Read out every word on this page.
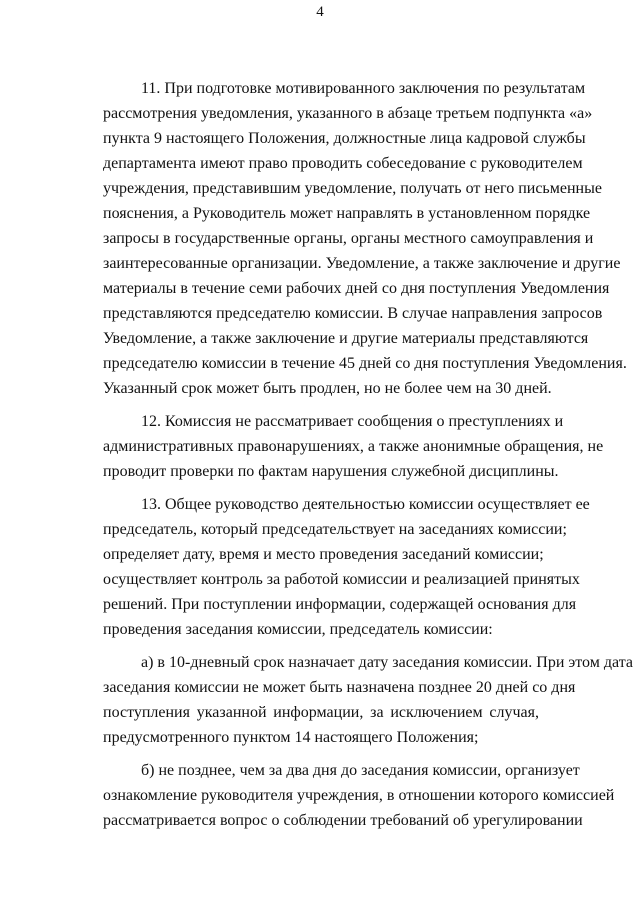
4
11. При подготовке мотивированного заключения по результатам
рассмотрения уведомления, указанного в абзаце третьем подпункта «а»
пункта 9 настоящего Положения, должностные лица кадровой службы
департамента имеют право проводить собеседование с руководителем
учреждения, представившим уведомление, получать от него письменные
пояснения, а Руководитель может направлять в установленном порядке
запросы в государственные органы, органы местного самоуправления и
заинтересованные организации. Уведомление, а также заключение и другие
материалы в течение семи рабочих дней со дня поступления Уведомления
представляются председателю комиссии. В случае направления запросов
Уведомление, а также заключение и другие материалы представляются
председателю комиссии в течение 45 дней со дня поступления Уведомления.
Указанный срок может быть продлен, но не более чем на 30 дней.
12. Комиссия не рассматривает сообщения о преступлениях и
административных правонарушениях, а также анонимные обращения, не
проводит проверки по фактам нарушения служебной дисциплины.
13. Общее руководство деятельностью комиссии осуществляет ее
председатель, который председательствует на заседаниях комиссии;
определяет дату, время и место проведения заседаний комиссии;
осуществляет контроль за работой комиссии и реализацией принятых
решений. При поступлении информации, содержащей основания для
проведения заседания комиссии, председатель комиссии:
а) в 10-дневный срок назначает дату заседания комиссии. При этом дата
заседания комиссии не может быть назначена позднее 20 дней со дня
поступления указанной информации, за исключением случая,
предусмотренного пунктом 14 настоящего Положения;
б) не позднее, чем за два дня до заседания комиссии, организует
ознакомление руководителя учреждения, в отношении которого комиссией
рассматривается вопрос о соблюдении требований об урегулировании
